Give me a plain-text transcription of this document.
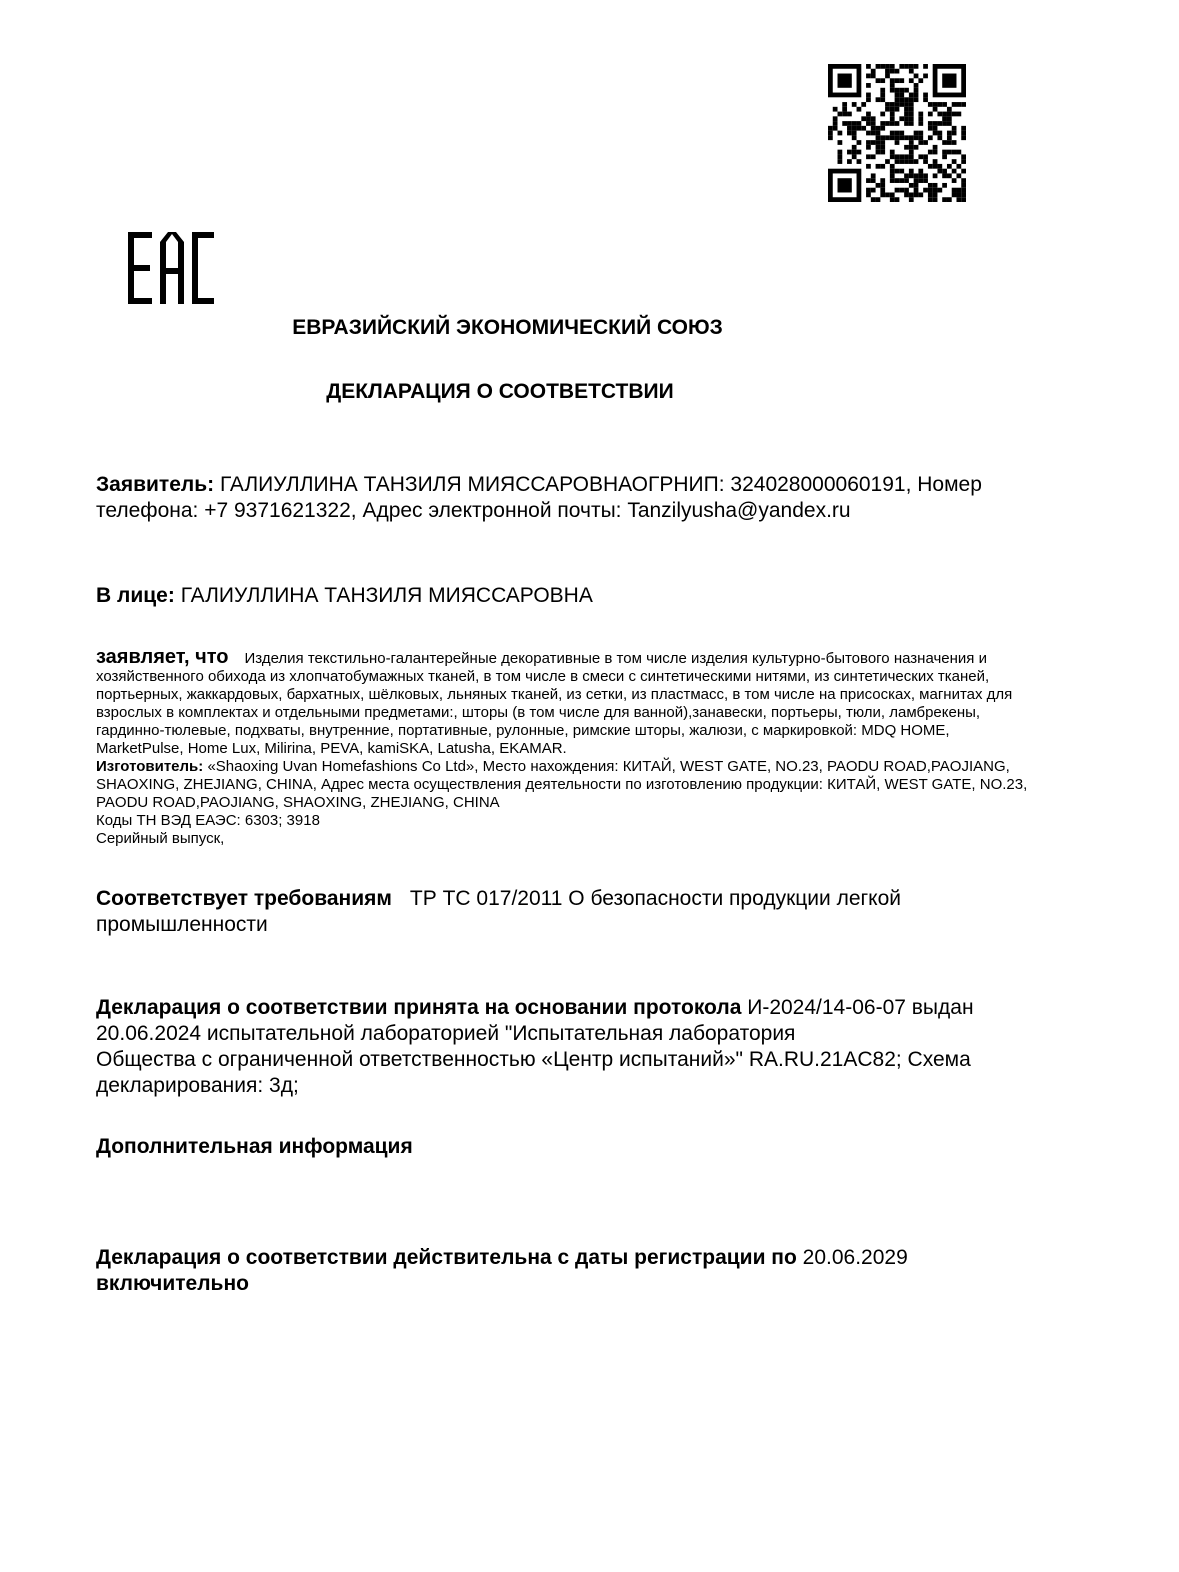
ЕВРАЗИЙСКИЙ ЭКОНОМИЧЕСКИЙ СОЮЗ
ДЕКЛАРАЦИЯ О СООТВЕТСТВИИ
Заявитель: ГАЛИУЛЛИНА ТАНЗИЛЯ МИЯССАРОВНАОГРНИП: 324028000060191, Номер
телефона: +7 9371621322, Адрес электронной почты: Tanzilyusha@yandex.ru
В лице: ГАЛИУЛЛИНА ТАНЗИЛЯ МИЯССАРОВНА
заявляет, что Изделия текстильно-галантерейные декоративные в том числе изделия культурно-бытового назначения и
хозяйственного обихода из хлопчатобумажных тканей, в том числе в смеси с синтетическими нитями, из синтетических тканей,
портьерных, жаккардовых, бархатных, шёлковых, льняных тканей, из сетки, из пластмасс, в том числе на присосках, магнитах для
взрослых в комплектах и отдельными предметами:, шторы (в том числе для ванной),занавески, портьеры, тюли, ламбрекены,
гардинно-тюлевые, подхваты, внутренние, портативные, рулонные, римские шторы, жалюзи, с маркировкой: MDQ HOME,
MarketPulse, Home Lux, Milirina, PEVA, kamiSKA, Latusha, EKAMAR.
Изготовитель: «Shaoxing Uvan Homefashions Co Ltd», Место нахождения: КИТАЙ, WEST GATE, NO.23, PAODU ROAD,PAOJIANG,
SHAOXING, ZHEJIANG, CHINA, Адрес места осуществления деятельности по изготовлению продукции: КИТАЙ, WEST GATE, NO.23,
PAODU ROAD,PAOJIANG, SHAOXING, ZHEJIANG, CHINA
Коды ТН ВЭД ЕАЭС: 6303; 3918
Серийный выпуск,
Соответствует требованиям ТР ТС 017/2011 О безопасности продукции легкой
промышленности
Декларация о соответствии принята на основании протокола И-2024/14-06-07 выдан
20.06.2024 испытательной лабораторией "Испытательная лаборатория
Общества с ограниченной ответственностью «Центр испытаний»" RA.RU.21AC82; Схема
декларирования: 3д;
Дополнительная информация
Декларация о соответствии действительна с даты регистрации по 20.06.2029
включительно
